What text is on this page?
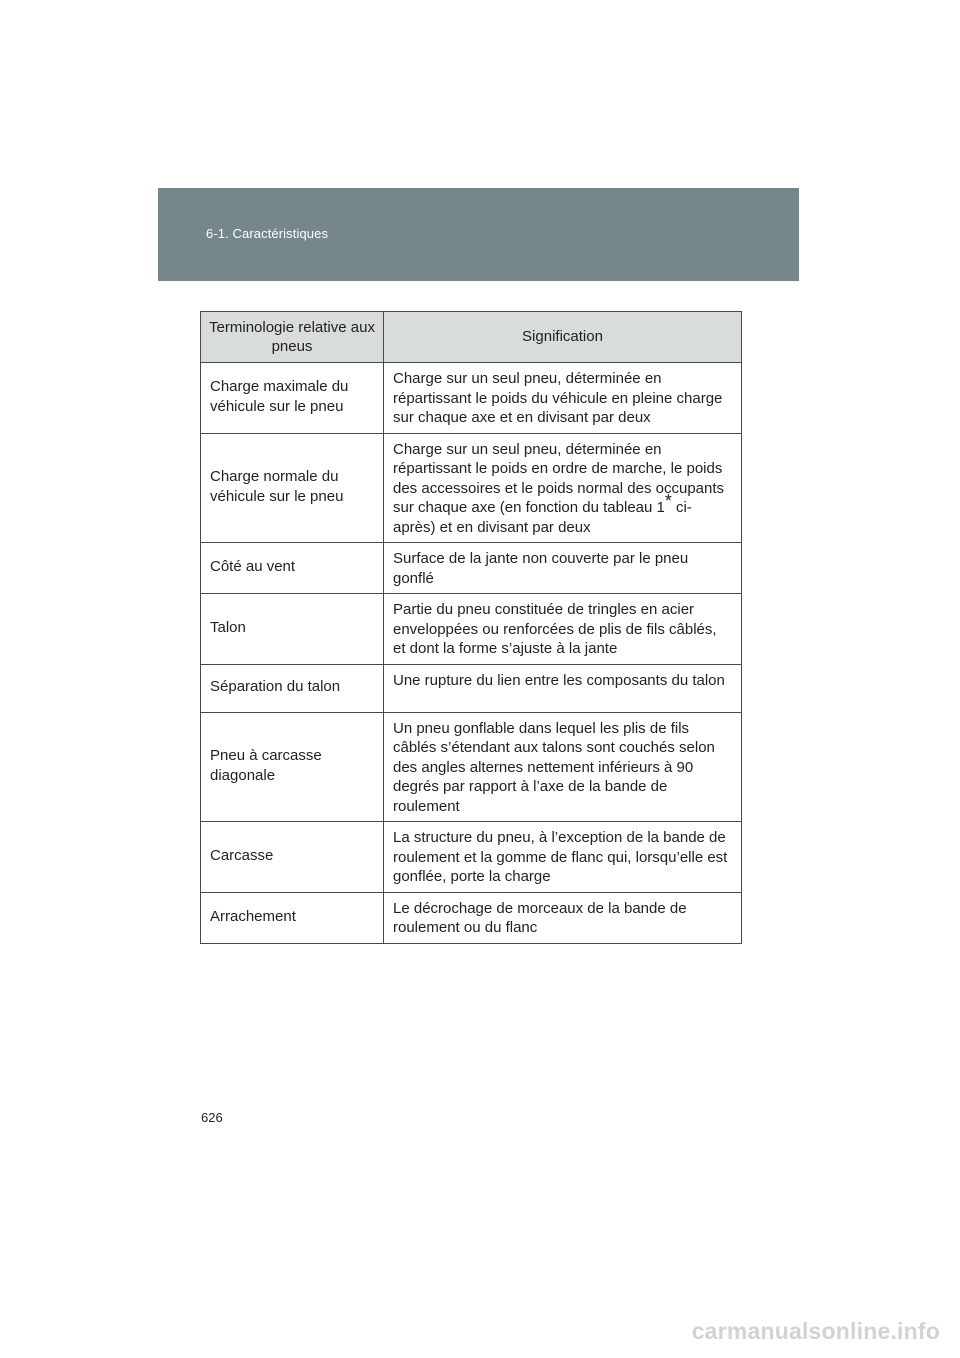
6-1. Caractéristiques
Terminologie relative aux pneus	Signification
Charge maximale du véhicule sur le pneu	Charge sur un seul pneu, déterminée en répartissant le poids du véhicule en pleine charge sur chaque axe et en divisant par deux
Charge normale du véhicule sur le pneu	Charge sur un seul pneu, déterminée en répartissant le poids en ordre de marche, le poids des accessoires et le poids normal des occupants sur chaque axe (en fonction du tableau 1* ci-après) et en divisant par deux
Côté au vent	Surface de la jante non couverte par le pneu gonflé
Talon	Partie du pneu constituée de tringles en acier enveloppées ou renforcées de plis de fils câblés, et dont la forme s’ajuste à la jante
Séparation du talon	Une rupture du lien entre les composants du talon
Pneu à carcasse diagonale	Un pneu gonflable dans lequel les plis de fils câblés s’étendant aux talons sont couchés selon des angles alternes nettement inférieurs à 90 degrés par rapport à l’axe de la bande de roulement
Carcasse	La structure du pneu, à l’exception de la bande de roulement et la gomme de flanc qui, lorsqu’elle est gonflée, porte la charge
Arrachement	Le décrochage de morceaux de la bande de roulement ou du flanc
626
carmanualsonline.info
